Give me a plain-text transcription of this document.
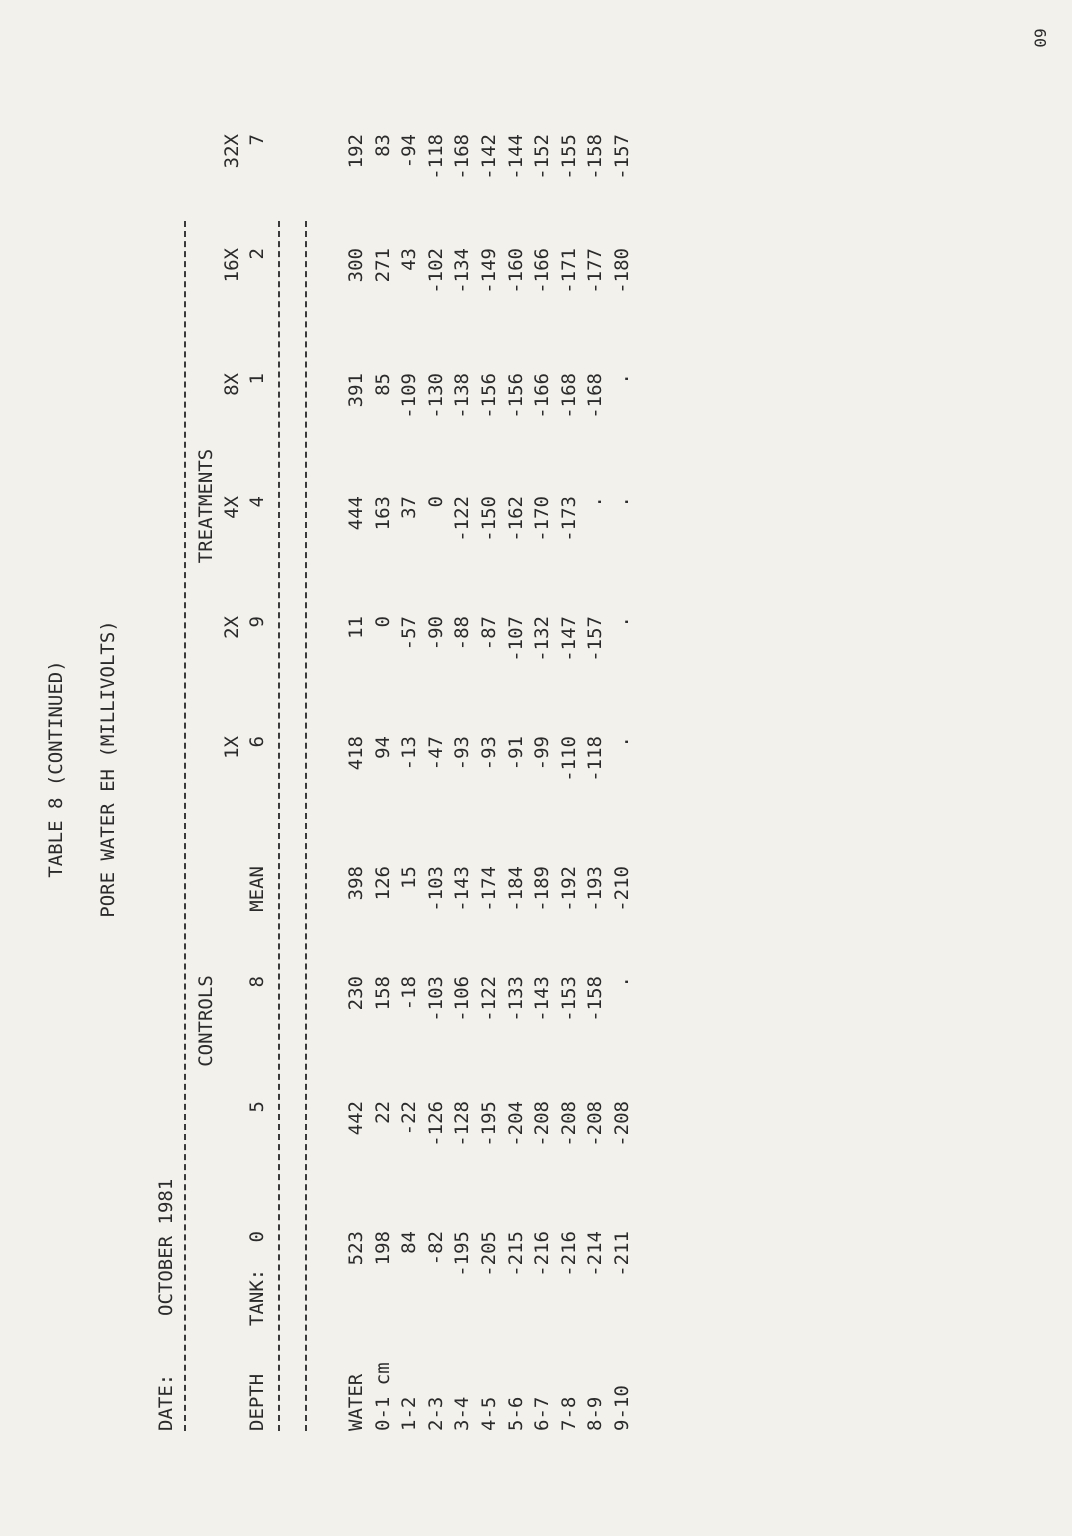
60
TABLE 8 (CONTINUED) PORE WATER EH (MILLIVOLTS)
DATE:
OCTOBER 1981
CONTROLS
TREATMENTS
1X
2X
4X
8X
16X
32X
DEPTH
TANK:
0
5
8
MEAN
6
9
4
1
2
7
WATER
523
442
230
398
418
11
444
391
300
192
0-1 cm
198
22
158
126
94
0
163
85
271
83
1-2
84
-22
-18
15
-13
-57
37
-109
43
-94
2-3
-82
-126
-103
-103
-47
-90
0
-130
-102
-118
3-4
-195
-128
-106
-143
-93
-88
-122
-138
-134
-168
4-5
-205
-195
-122
-174
-93
-87
-150
-156
-149
-142
5-6
-215
-204
-133
-184
-91
-107
-162
-156
-160
-144
6-7
-216
-208
-143
-189
-99
-132
-170
-166
-166
-152
7-8
-216
-208
-153
-192
-110
-147
-173
-168
-171
-155
8-9
-214
-208
-158
-193
-118
-157
.
-168
-177
-158
9-10
-211
-208
.
-210
.
.
.
.
-180
-157
